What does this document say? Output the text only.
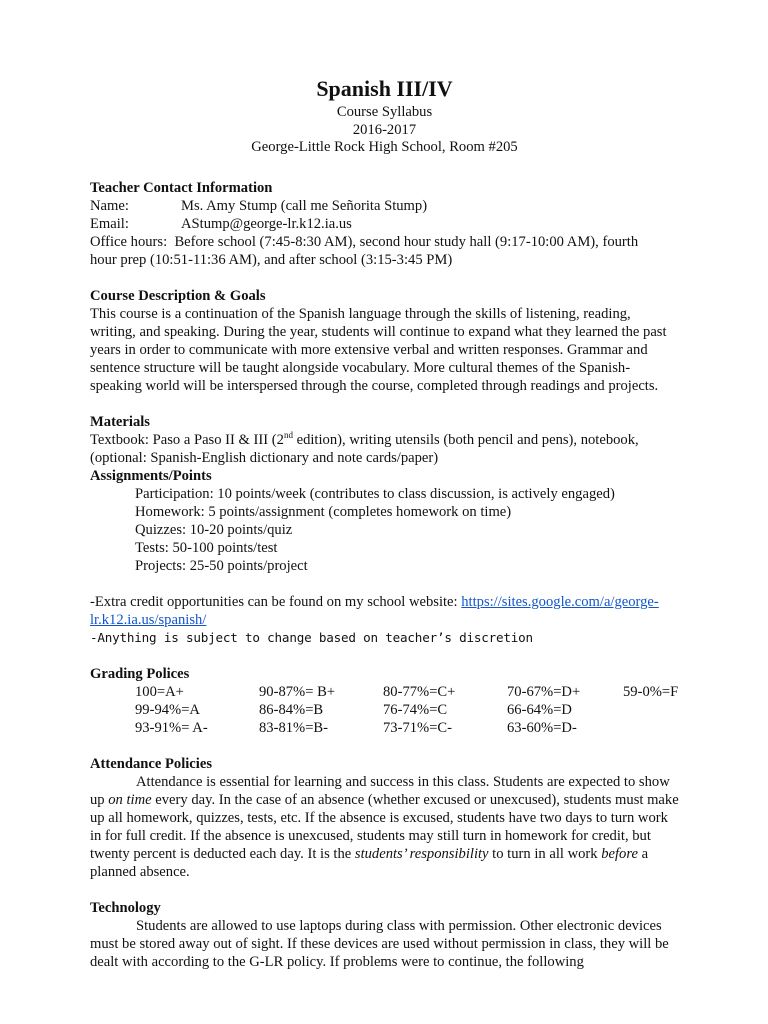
Spanish III/IV
Course Syllabus
2016-2017
George-Little Rock High School, Room #205
Teacher Contact Information
Name:	Ms. Amy Stump (call me Señorita Stump)
Email:	AStump@george-lr.k12.ia.us
Office hours: Before school (7:45-8:30 AM), second hour study hall (9:17-10:00 AM), fourth
hour prep (10:51-11:36 AM), and after school (3:15-3:45 PM)
Course Description & Goals
This course is a continuation of the Spanish language through the skills of listening, reading, writing, and speaking. During the year, students will continue to expand what they learned the past years in order to communicate with more extensive verbal and written responses. Grammar and sentence structure will be taught alongside vocabulary. More cultural themes of the Spanish-speaking world will be interspersed through the course, completed through readings and projects.
Materials
Textbook: Paso a Paso II & III (2nd edition), writing utensils (both pencil and pens), notebook, (optional: Spanish-English dictionary and note cards/paper)
Assignments/Points
Participation: 10 points/week (contributes to class discussion, is actively engaged)
Homework: 5 points/assignment (completes homework on time)
Quizzes: 10-20 points/quiz
Tests: 50-100 points/test
Projects: 25-50 points/project
-Extra credit opportunities can be found on my school website: https://sites.google.com/a/george-lr.k12.ia.us/spanish/
-Anything is subject to change based on teacher’s discretion
Grading Polices
100=A+	90-87%= B+	80-77%=C+	70-67%=D+	59-0%=F
99-94%=A	86-84%=B	76-74%=C	66-64%=D	
93-91%= A-	83-81%=B-	73-71%=C-	63-60%=D-	
Attendance Policies
Attendance is essential for learning and success in this class. Students are expected to show up on time every day. In the case of an absence (whether excused or unexcused), students must make up all homework, quizzes, tests, etc. If the absence is excused, students have two days to turn work in for full credit. If the absence is unexcused, students may still turn in homework for credit, but twenty percent is deducted each day. It is the students’ responsibility to turn in all work before a planned absence.
Technology
Students are allowed to use laptops during class with permission. Other electronic devices must be stored away out of sight. If these devices are used without permission in class, they will be dealt with according to the G-LR policy. If problems were to continue, the following
